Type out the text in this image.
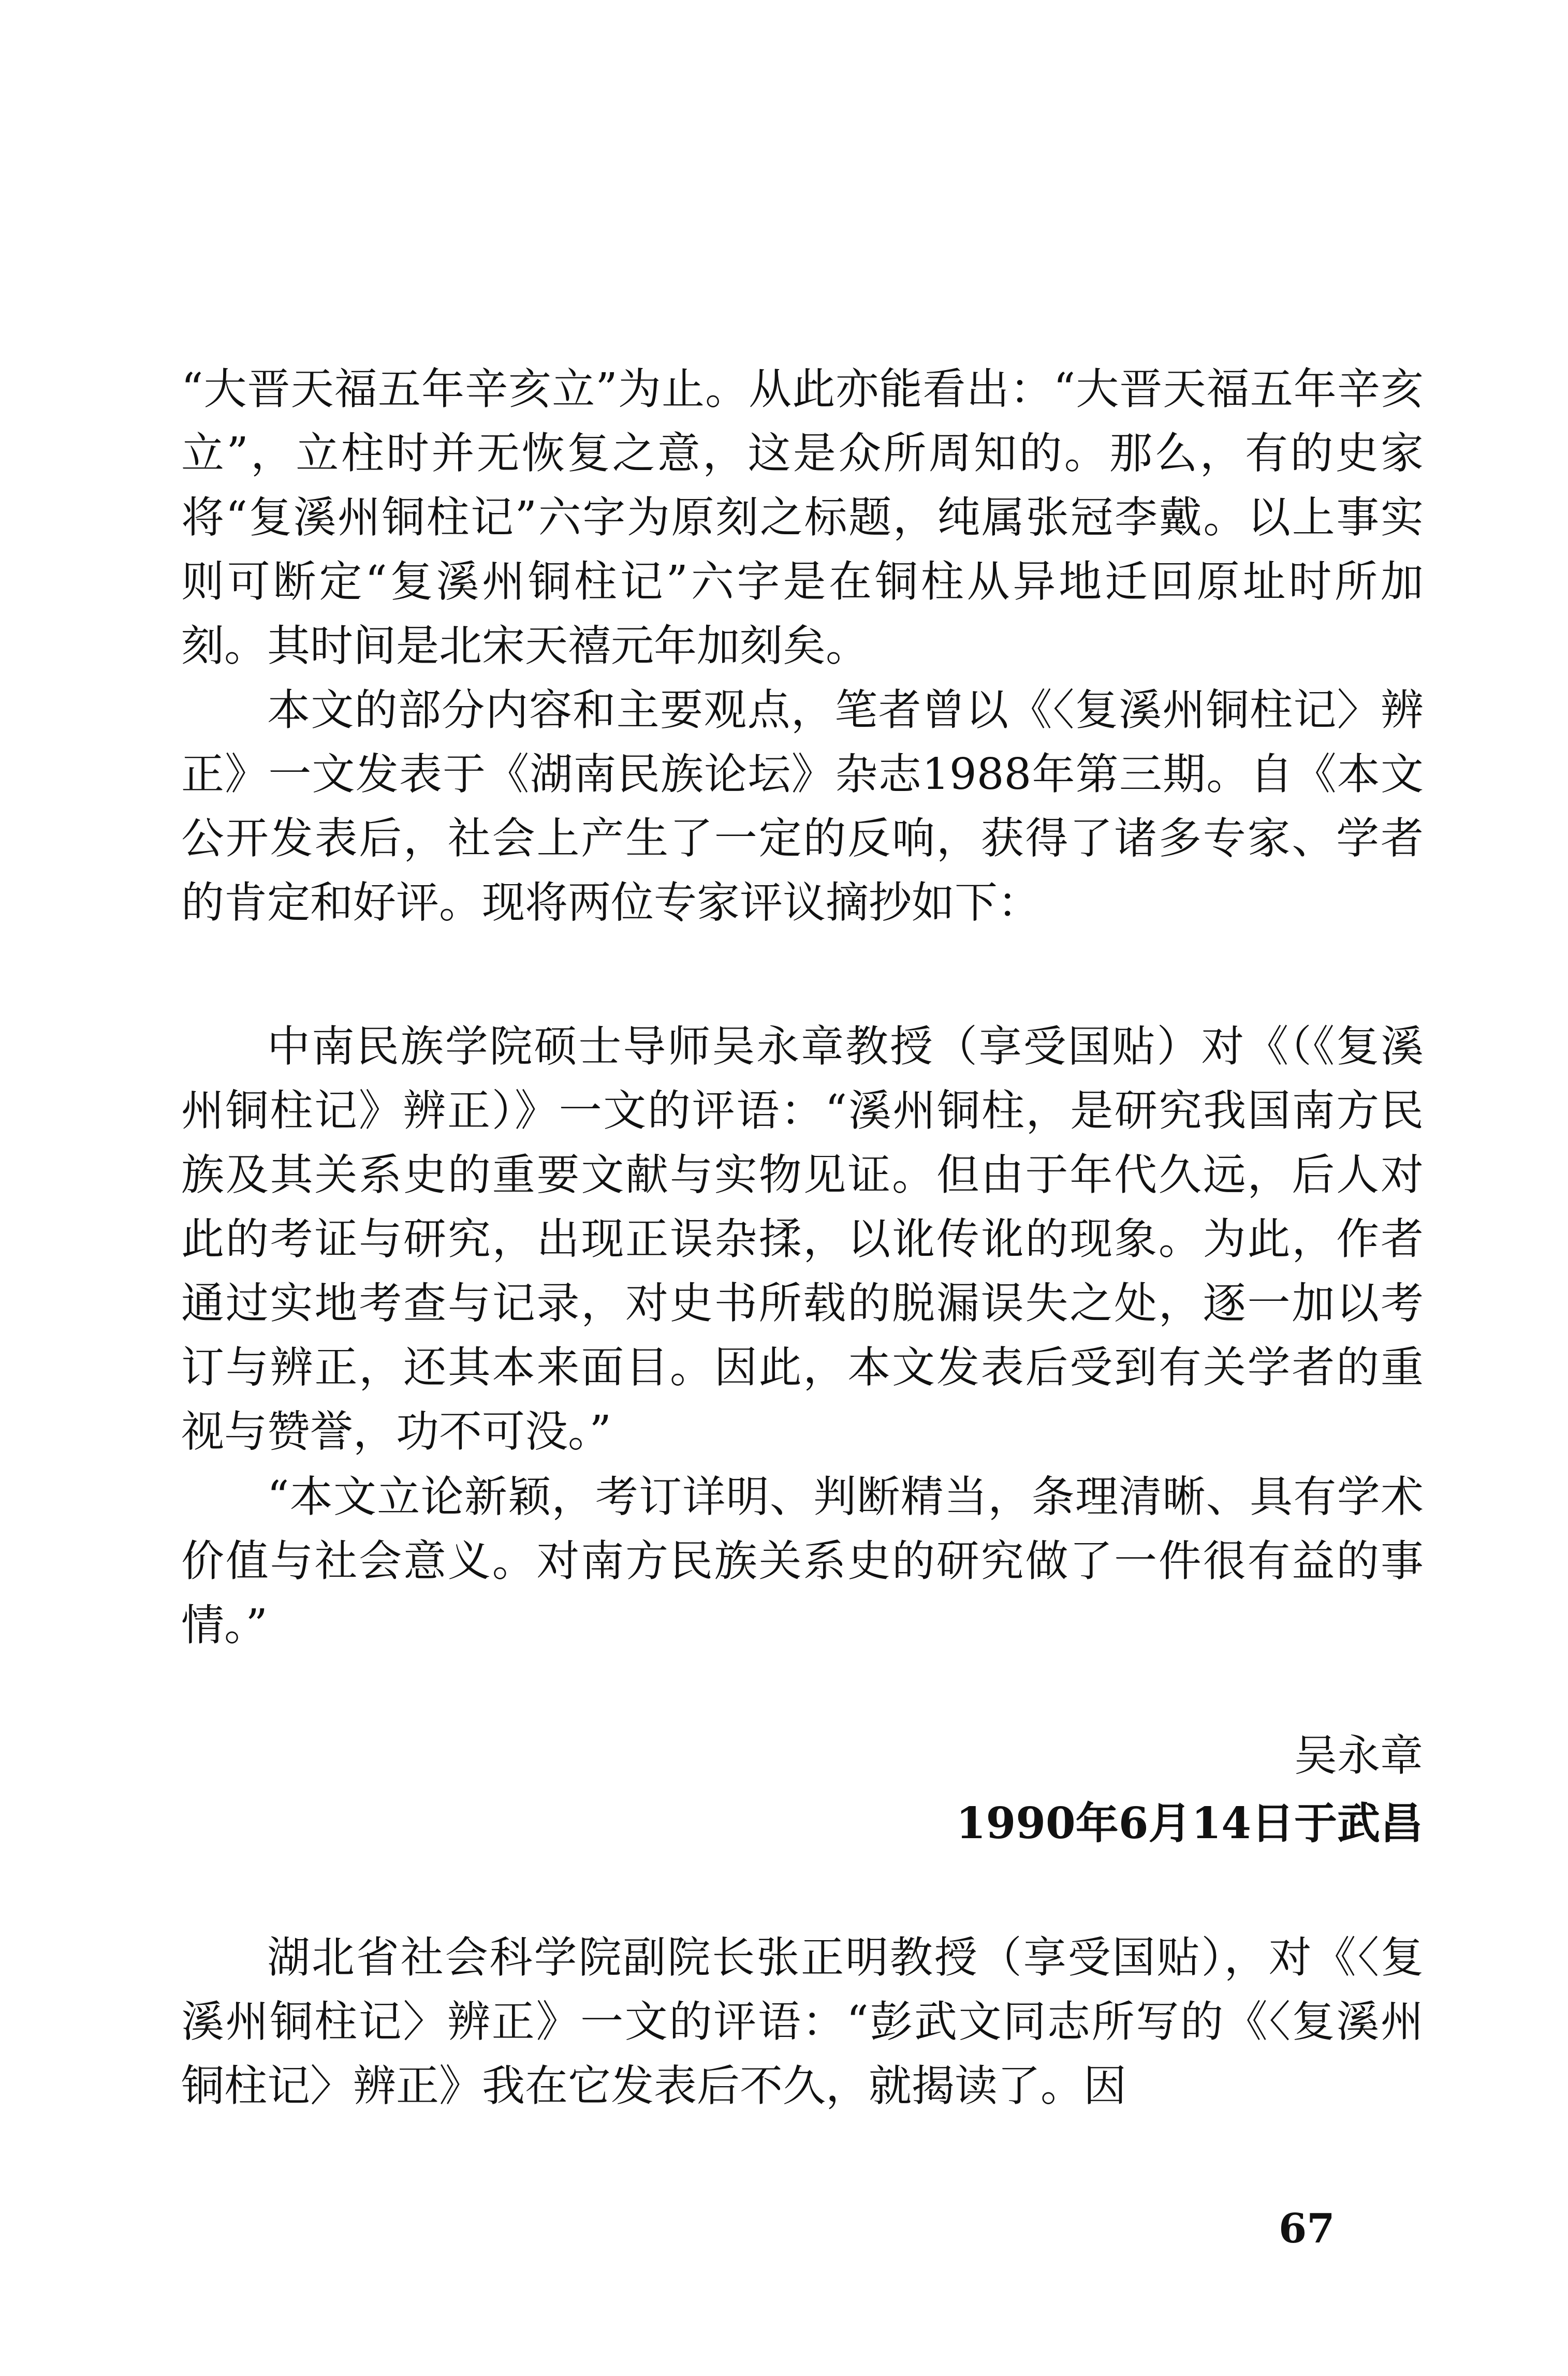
“大晋天福五年辛亥立”为止。从此亦能看出：“大晋天福五年辛亥立”，立柱时并无恢复之意，这是众所周知的。那么，有的史家将“复溪州铜柱记”六字为原刻之标题，纯属张冠李戴。以上事实则可断定“复溪州铜柱记”六字是在铜柱从异地迁回原址时所加刻。其时间是北宋天禧元年加刻矣。

本文的部分内容和主要观点，笔者曾以《〈复溪州铜柱记〉辨正》一文发表于《湖南民族论坛》杂志1988年第三期。自《本文公开发表后，社会上产生了一定的反响，获得了诸多专家、学者的肯定和好评。现将两位专家评议摘抄如下：

中南民族学院硕士导师吴永章教授（享受国贴）对《（《复溪州铜柱记》辨正）》一文的评语：“溪州铜柱，是研究我国南方民族及其关系史的重要文献与实物见证。但由于年代久远，后人对此的考证与研究，出现正误杂揉，以讹传讹的现象。为此，作者通过实地考查与记录，对史书所载的脱漏误失之处，逐一加以考订与辨正，还其本来面目。因此，本文发表后受到有关学者的重视与赞誉，功不可没。”

“本文立论新颖，考订详明、判断精当，条理清晰、具有学术价值与社会意义。对南方民族关系史的研究做了一件很有益的事情。”

吴永章
1990年6月14日于武昌

湖北省社会科学院副院长张正明教授（享受国贴），对《〈复溪州铜柱记〉辨正》一文的评语：“彭武文同志所写的《〈复溪州铜柱记〉辨正》我在它发表后不久，就揭读了。因

67
